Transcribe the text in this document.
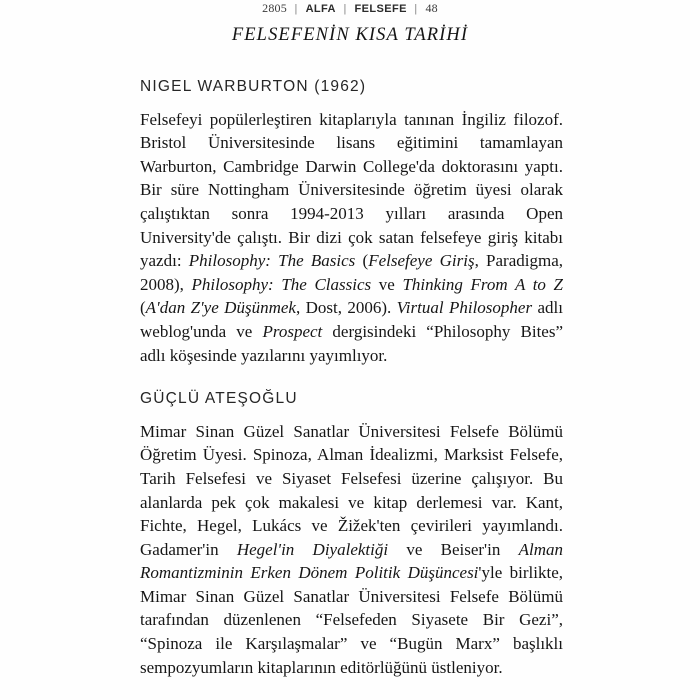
2805 | ALFA | FELSEFE | 48
FELSEFENİN KISA TARİHİ
NIGEL WARBURTON (1962)

Felsefeyi popülerleştiren kitaplarıyla tanınan İngiliz filozof. Bristol Üniversitesinde lisans eğitimini tamamlayan Warburton, Cambridge Darwin College'da doktorasını yaptı. Bir süre Nottingham Üniversitesinde öğretim üyesi olarak çalıştıktan sonra 1994-2013 yılları arasında Open University'de çalıştı. Bir dizi çok satan felsefeye giriş kitabı yazdı: Philosophy: The Basics (Felsefeye Giriş, Paradigma, 2008), Philosophy: The Classics ve Thinking From A to Z (A'dan Z'ye Düşünmek, Dost, 2006). Virtual Philosopher adlı weblog'unda ve Prospect dergisindeki “Philosophy Bites” adlı köşesinde yazılarını yayımlıyor.

GÜÇLÜ ATEŞOĞLU

Mimar Sinan Güzel Sanatlar Üniversitesi Felsefe Bölümü Öğretim Üyesi. Spinoza, Alman İdealizmi, Marksist Felsefe, Tarih Felsefesi ve Siyaset Felsefesi üzerine çalışıyor. Bu alanlarda pek çok makalesi ve kitap derlemesi var. Kant, Fichte, Hegel, Lukács ve Žižek'ten çevirileri yayımlandı. Gadamer'in Hegel'in Diyalektiği ve Beiser'in Alman Romantizminin Erken Dönem Politik Düşüncesi'yle birlikte, Mimar Sinan Güzel Sanatlar Üniversitesi Felsefe Bölümü tarafından düzenlenen “Felsefeden Siyasete Bir Gezi”, “Spinoza ile Karşılaşmalar” ve “Bugün Marx” başlıklı sempozyumların kitaplarının editörlüğünü üstleniyor.
